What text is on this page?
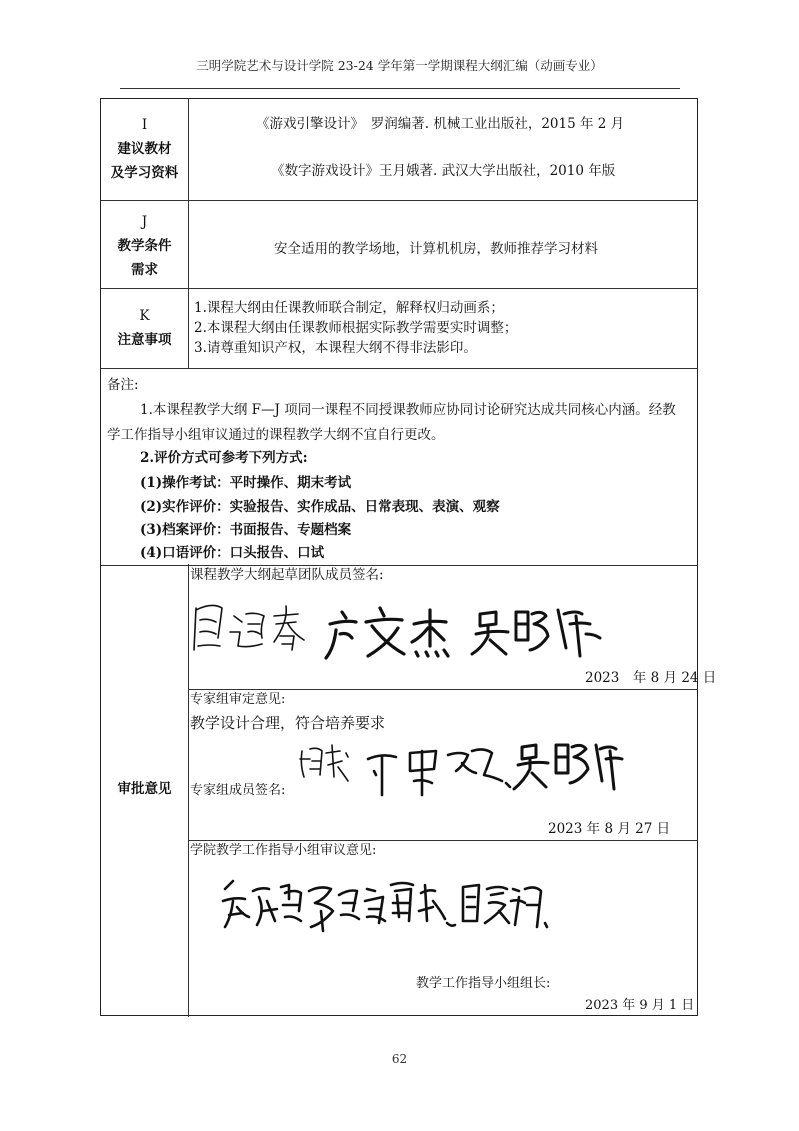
三明学院艺术与设计学院 23-24 学年第一学期课程大纲汇编（动画专业）
I
建议教材
及学习资料
《游戏引擎设计》　罗润编著. 机械工业出版社，2015 年 2 月
《数字游戏设计》王月娥著. 武汉大学出版社，2010 年版
J
教学条件
需求
安全适用的教学场地，计算机机房，教师推荐学习材料
K
注意事项
1.课程大纲由任课教师联合制定，解释权归动画系；
2.本课程大纲由任课教师根据实际教学需要实时调整；
3.请尊重知识产权，本课程大纲不得非法影印。
备注:
1.本课程教学大纲 F—J 项同一课程不同授课教师应协同讨论研究达成共同核心内涵。经教
学工作指导小组审议通过的课程教学大纲不宜自行更改。
2.评价方式可参考下列方式:
(1)操作考试：平时操作、期末考试
(2)实作评价：实验报告、实作成品、日常表现、表演、观察
(3)档案评价：书面报告、专题档案
(4)口语评价：口头报告、口试
审批意见
课程教学大纲起草团队成员签名:
2023　年 8 月 24 日
专家组审定意见:
教学设计合理，符合培养要求
专家组成员签名:
2023 年 8 月 27 日
学院教学工作指导小组审议意见:
教学工作指导小组组长:
2023 年 9 月 1 日
62
